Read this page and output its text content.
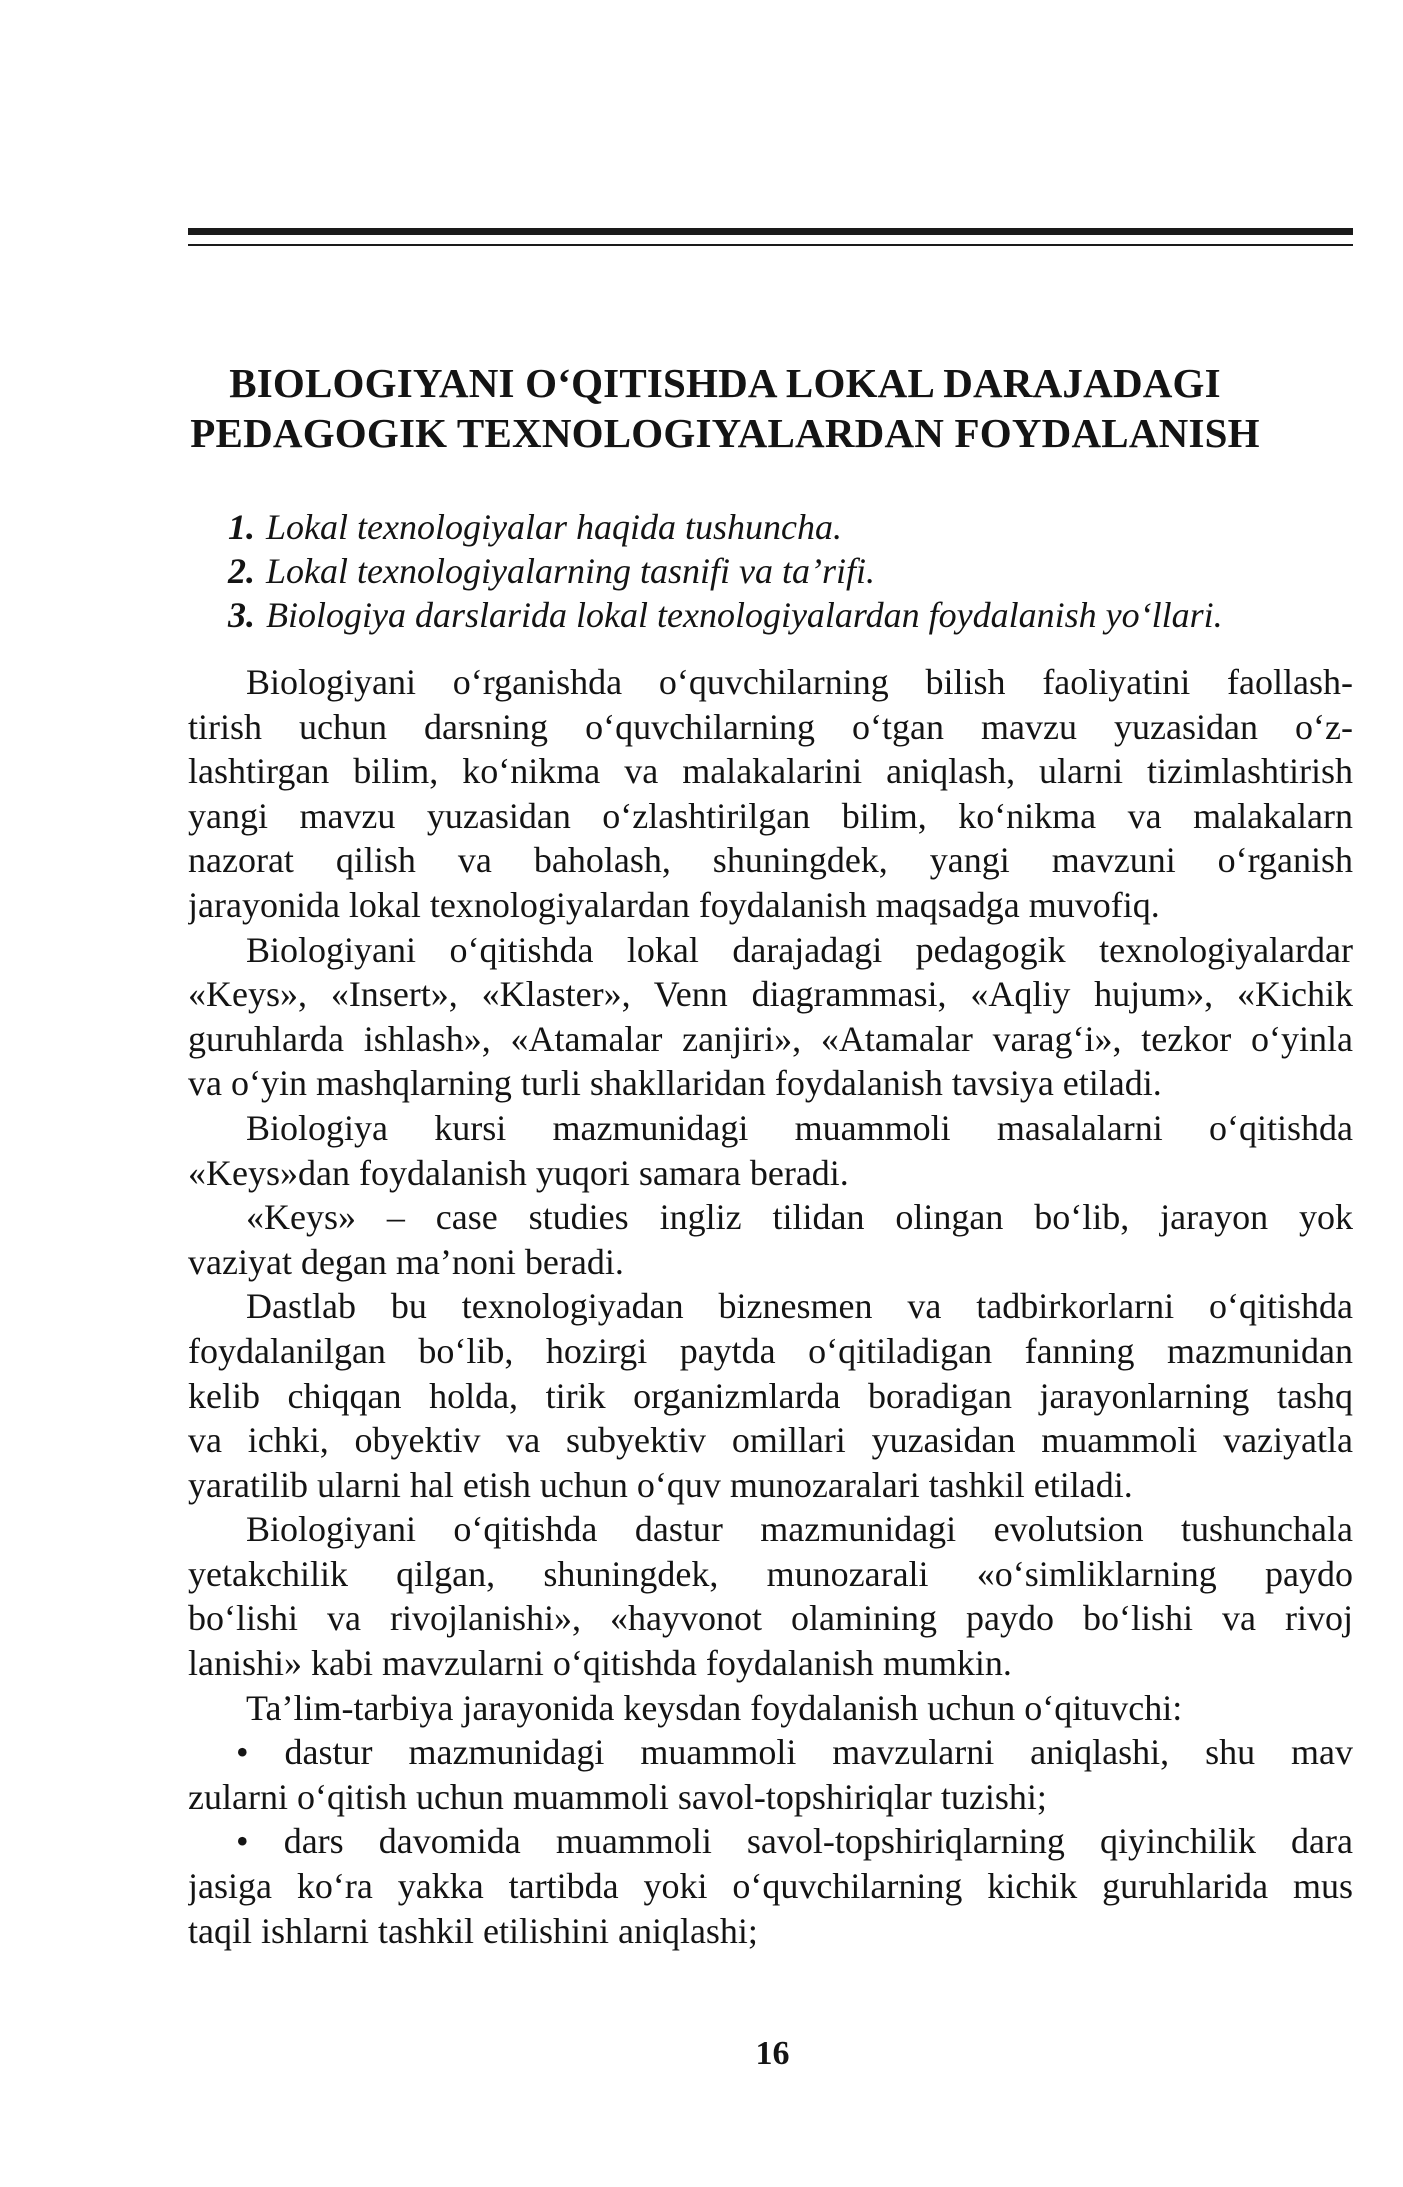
BIOLOGIYANI O‘QITISHDA LOKAL DARAJADAGI
PEDAGOGIK TEXNOLOGIYALARDAN FOYDALANISH
1. Lokal texnologiyalar haqida tushuncha.
2. Lokal texnologiyalarning tasnifi va ta’rifi.
3. Biologiya darslarida lokal texnologiyalardan foydalanish yo‘llari.
Biologiyani o‘rganishda o‘quvchilarning bilish faoliyatini faollash-
tirish uchun darsning o‘quvchilarning o‘tgan mavzu yuzasidan o‘z-
lashtirgan bilim, ko‘nikma va malakalarini aniqlash, ularni tizimlashtirish
yangi mavzu yuzasidan o‘zlashtirilgan bilim, ko‘nikma va malakalarn
nazorat qilish va baholash, shuningdek, yangi mavzuni o‘rganish
jarayonida lokal texnologiyalardan foydalanish maqsadga muvofiq.
Biologiyani o‘qitishda lokal darajadagi pedagogik texnologiyalardar
«Keys», «Insert», «Klaster», Venn diagrammasi, «Aqliy hujum», «Kichik
guruhlarda ishlash», «Atamalar zanjiri», «Atamalar varag‘i», tezkor o‘yinla
va o‘yin mashqlarning turli shakllaridan foydalanish tavsiya etiladi.
Biologiya kursi mazmunidagi muammoli masalalarni o‘qitishda
«Keys»dan foydalanish yuqori samara beradi.
«Keys» – case studies ingliz tilidan olingan bo‘lib, jarayon yok
vaziyat degan ma’noni beradi.
Dastlab bu texnologiyadan biznesmen va tadbirkorlarni o‘qitishda
foydalanilgan bo‘lib, hozirgi paytda o‘qitiladigan fanning mazmunidan
kelib chiqqan holda, tirik organizmlarda boradigan jarayonlarning tashq
va ichki, obyektiv va subyektiv omillari yuzasidan muammoli vaziyatla
yaratilib ularni hal etish uchun o‘quv munozaralari tashkil etiladi.
Biologiyani o‘qitishda dastur mazmunidagi evolutsion tushunchala
yetakchilik qilgan, shuningdek, munozarali «o‘simliklarning paydo
bo‘lishi va rivojlanishi», «hayvonot olamining paydo bo‘lishi va rivoj
lanishi» kabi mavzularni o‘qitishda foydalanish mumkin.
Ta’lim-tarbiya jarayonida keysdan foydalanish uchun o‘qituvchi:
• dastur mazmunidagi muammoli mavzularni aniqlashi, shu mav
zularni o‘qitish uchun muammoli savol-topshiriqlar tuzishi;
• dars davomida muammoli savol-topshiriqlarning qiyinchilik dara
jasiga ko‘ra yakka tartibda yoki o‘quvchilarning kichik guruhlarida mus
taqil ishlarni tashkil etilishini aniqlashi;
16
